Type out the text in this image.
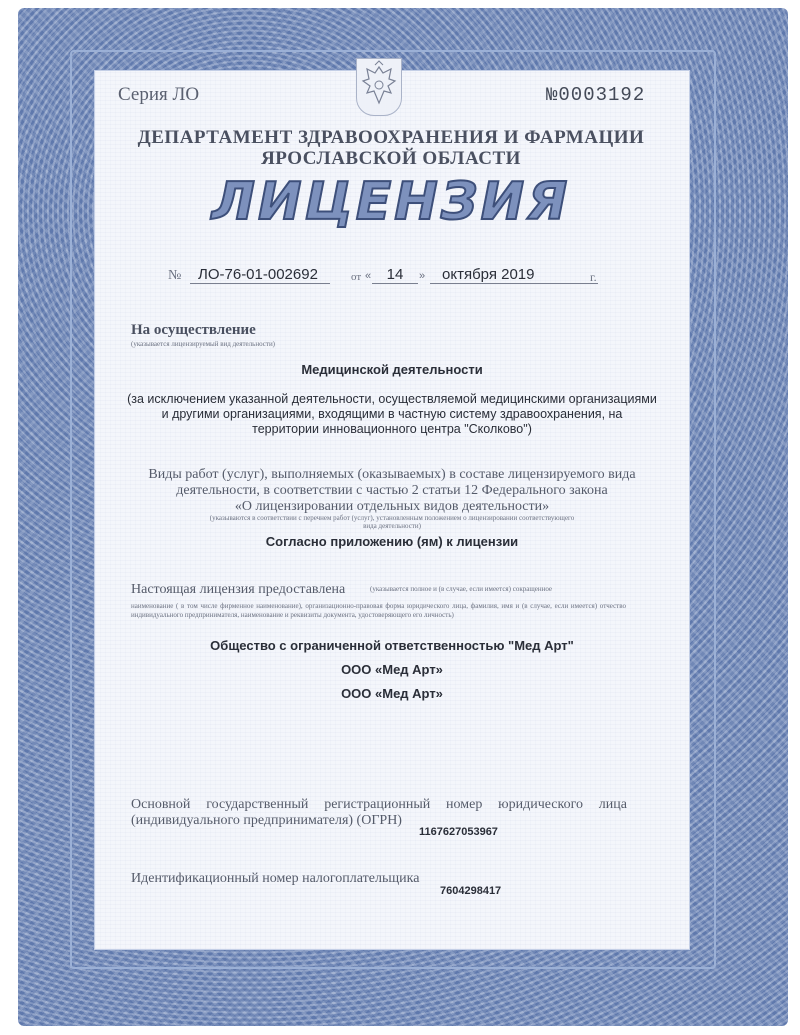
Серия ЛО	№0003192
ДЕПАРТАМЕНТ ЗДРАВООХРАНЕНИЯ И ФАРМАЦИИ
ЯРОСЛАВСКОЙ ОБЛАСТИ
ЛИЦЕНЗИЯ
№	ЛО-76-01-002692	от «	14	»	октября 2019	г.
На осуществление
(указывается лицензируемый вид деятельности)
Медицинской деятельности
(за исключением указанной деятельности, осуществляемой медицинскими организациями
и другими организациями, входящими в частную систему здравоохранения, на
территории инновационного центра "Сколково")
Виды работ (услуг), выполняемых (оказываемых) в составе лицензируемого вида
деятельности, в соответствии с частью 2 статьи 12 Федерального закона
«О лицензировании отдельных видов деятельности»
(указываются в соответствии с перечнем работ (услуг), установленным положением о лицензировании соответствующего
вида деятельности)
Согласно приложению (ям) к лицензии
Настоящая лицензия предоставлена	(указывается полное и (в случае, если имеется) сокращенное
наименование ( в том числе фирменное наименование), организационно-правовая форма юридического лица, фамилия, имя и (в случае, если имеется) отчество индивидуального предпринимателя, наименование и реквизиты документа, удостоверяющего его личность)
Общество с ограниченной ответственностью "Мед Арт"
ООО «Мед Арт»
ООО «Мед Арт»
Основной государственный регистрационный номер юридического лица (индивидуального предпринимателя) (ОГРН)
1167627053967
Идентификационный номер налогоплательщика
7604298417
